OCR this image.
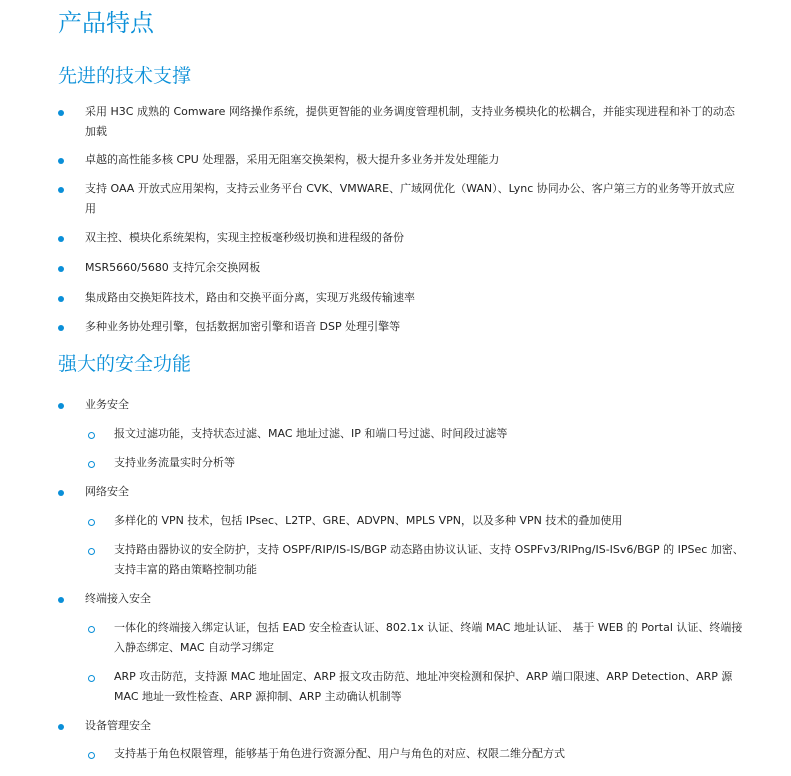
产品特点
先进的技术支撑
采用 H3C 成熟的 Comware 网络操作系统，提供更智能的业务调度管理机制，支持业务模块化的松耦合，并能实现进程和补丁的动态加载
卓越的高性能多核 CPU 处理器，采用无阻塞交换架构，极大提升多业务并发处理能力
支持 OAA 开放式应用架构，支持云业务平台 CVK、VMWARE、广域网优化（WAN）、Lync 协同办公、客户第三方的业务等开放式应用
双主控、模块化系统架构，实现主控板毫秒级切换和进程级的备份
MSR5660/5680 支持冗余交换网板
集成路由交换矩阵技术，路由和交换平面分离，实现万兆级传输速率
多种业务协处理引擎，包括数据加密引擎和语音 DSP 处理引擎等
强大的安全功能
业务安全
报文过滤功能，支持状态过滤、MAC 地址过滤、IP 和端口号过滤、时间段过滤等
支持业务流量实时分析等
网络安全
多样化的 VPN 技术，包括 IPsec、L2TP、GRE、ADVPN、MPLS VPN，以及多种 VPN 技术的叠加使用
支持路由器协议的安全防护，支持 OSPF/RIP/IS-IS/BGP 动态路由协议认证、支持 OSPFv3/RIPng/IS-ISv6/BGP 的 IPSec 加密、 支持丰富的路由策略控制功能
终端接入安全
一体化的终端接入绑定认证，包括 EAD 安全检查认证、802.1x 认证、终端 MAC 地址认证、 基于 WEB 的 Portal 认证、终端接入静态绑定、MAC 自动学习绑定
ARP 攻击防范，支持源 MAC 地址固定、ARP 报文攻击防范、地址冲突检测和保护、ARP 端口限速、ARP Detection、ARP 源 MAC 地址一致性检查、ARP 源抑制、ARP 主动确认机制等
设备管理安全
支持基于角色权限管理，能够基于角色进行资源分配、用户与角色的对应、权限二维分配方式
